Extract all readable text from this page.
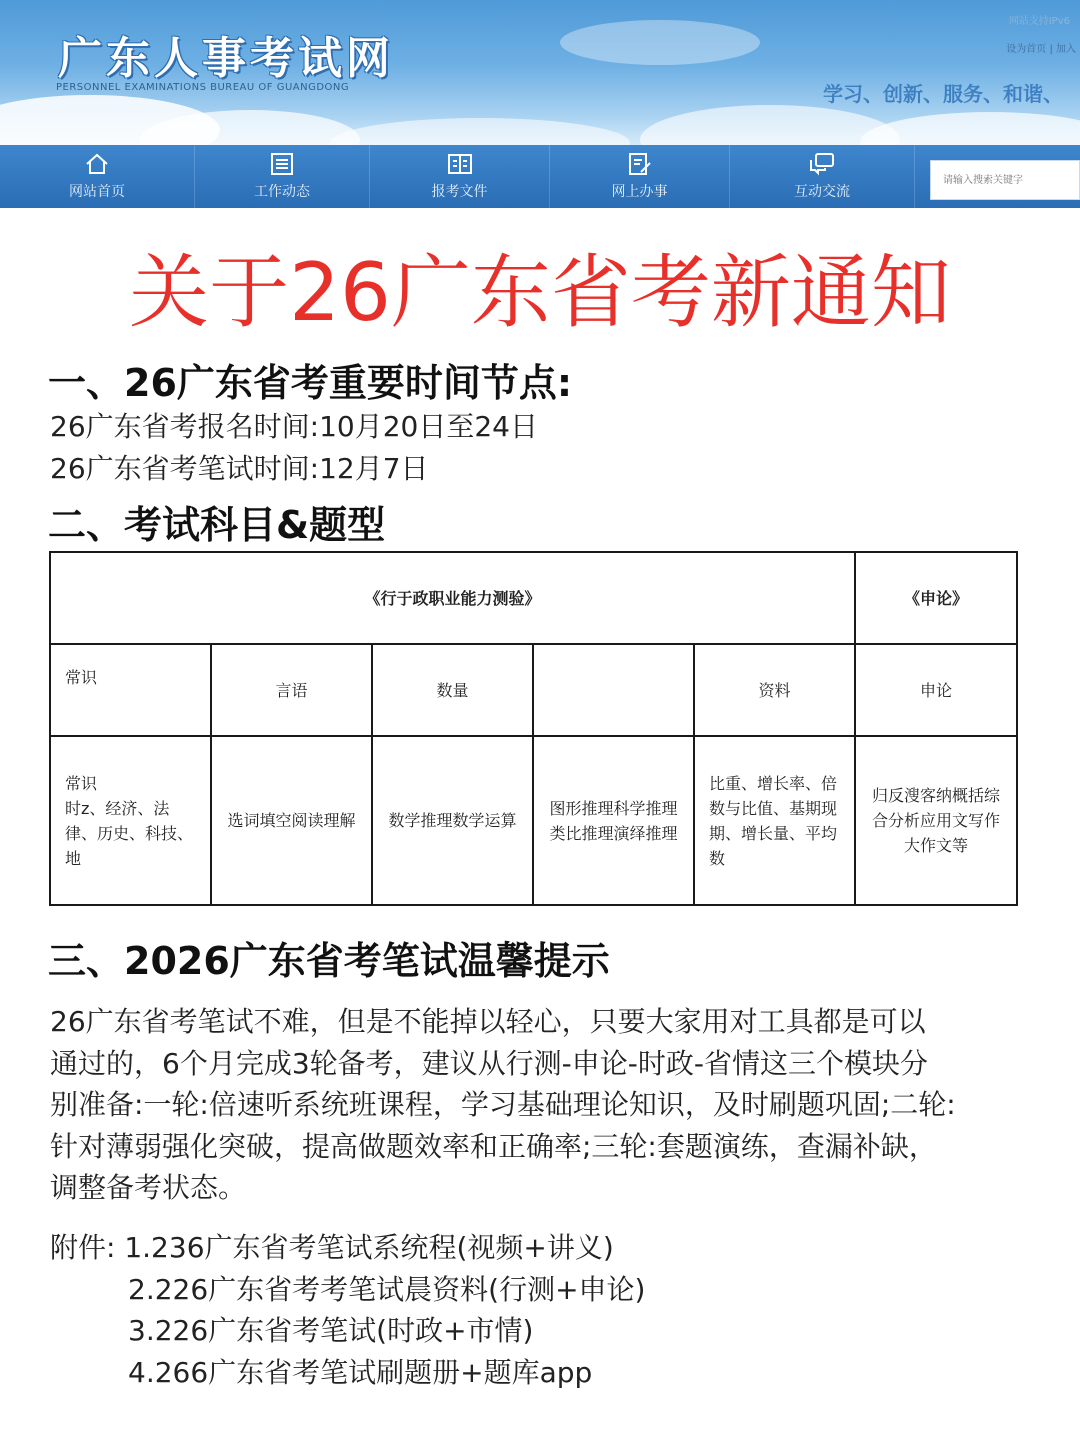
广东人事考试网
PERSONNEL EXAMINATIONS BUREAU OF GUANGDONG
网站支持IPv6
设为首页 | 加入
学习、创新、服务、和谐、
网站首页	工作动态	报考文件	网上办事	互动交流
请输入搜索关键字
关于26广东省考新通知
一、26广东省考重要时间节点:
26广东省考报名时间:10月20日至24日
26广东省考笔试时间:12月7日
二、考试科目&题型
《行于政职业能力测验》					《申论》
常识	言语	数量		资料	申论
常识
时z、经济、法律、历史、科技、地	选词填空阅读理解	数学推理数学运算	图形推理科学推理类比推理演绎推理	比重、增长率、倍数与比值、基期现期、增长量、平均数	归反溲客纳概括综合分析应用文写作大作文等
三、2026广东省考笔试温馨提示

26广东省考笔试不难，但是不能掉以轻心，只要大家用对工具都是可以

通过的，6个月完成3轮备考，建议从行测-申论-时政-省情这三个模块分

别准备:一轮:倍速听系统班课程，学习基础理论知识，及时刷题巩固;二轮:

针对薄弱强化突破，提高做题效率和正确率;三轮:套题演练，查漏补缺，

调整备考状态。

附件: 1.236广东省考笔试系统程(视频+讲义)
2.226广东省考考笔试晨资料(行测+申论)
3.226广东省考笔试(时政+市情)
4.266广东省考笔试刷题册+题库app
